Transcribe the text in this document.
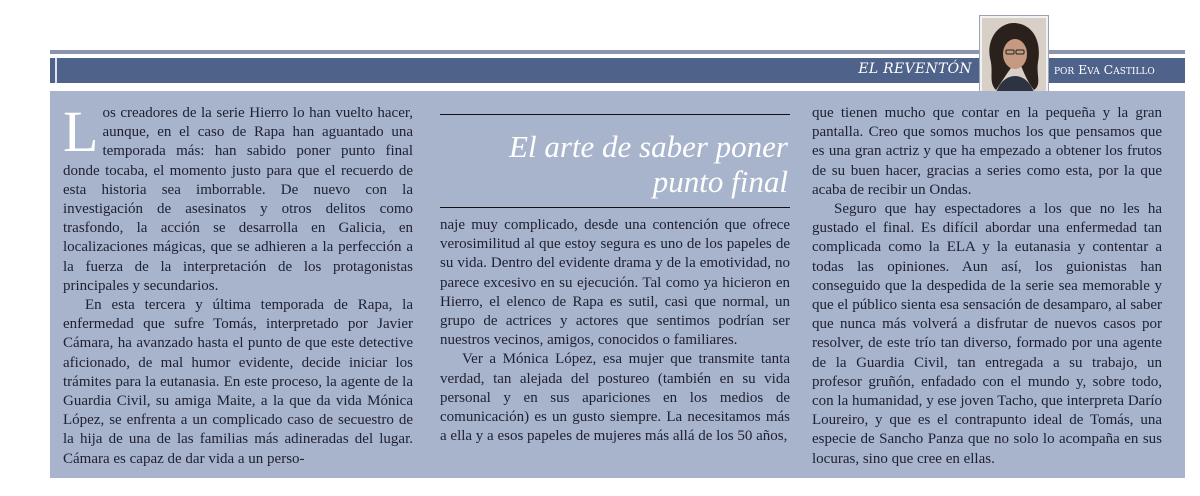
EL REVENTÓN	por Eva Castillo

Los creadores de la serie Hierro lo han vuelto hacer, aunque, en el caso de Rapa han aguantado una temporada más: han sabido poner punto final donde tocaba, el momento justo para que el recuerdo de esta historia sea imborrable. De nuevo con la investigación de asesinatos y otros delitos como trasfondo, la acción se desarrolla en Galicia, en localizaciones mágicas, que se adhieren a la perfección a la fuerza de la interpretación de los protagonistas principales y secundarios.

En esta tercera y última temporada de Rapa, la enfermedad que sufre Tomás, interpretado por Javier Cámara, ha avanzado hasta el punto de que este detective aficionado, de mal humor evidente, decide iniciar los trámites para la eutanasia. En este proceso, la agente de la Guardia Civil, su amiga Maite, a la que da vida Mónica López, se enfrenta a un complicado caso de secuestro de la hija de una de las familias más adineradas del lugar. Cámara es capaz de dar vida a un perso-

El arte de saber poner punto final

naje muy complicado, desde una contención que ofrece verosimilitud al que estoy segura es uno de los papeles de su vida. Dentro del evidente drama y de la emotividad, no parece excesivo en su ejecución. Tal como ya hicieron en Hierro, el elenco de Rapa es sutil, casi que normal, un grupo de actrices y actores que sentimos podrían ser nuestros vecinos, amigos, conocidos o familiares.

Ver a Mónica López, esa mujer que transmite tanta verdad, tan alejada del postureo (también en su vida personal y en sus apariciones en los medios de comunicación) es un gusto siempre. La necesitamos más a ella y a esos papeles de mujeres más allá de los 50 años,

que tienen mucho que contar en la pequeña y la gran pantalla. Creo que somos muchos los que pensamos que es una gran actriz y que ha empezado a obtener los frutos de su buen hacer, gracias a series como esta, por la que acaba de recibir un Ondas.

Seguro que hay espectadores a los que no les ha gustado el final. Es difícil abordar una enfermedad tan complicada como la ELA y la eutanasia y contentar a todas las opiniones. Aun así, los guionistas han conseguido que la despedida de la serie sea memorable y que el público sienta esa sensación de desamparo, al saber que nunca más volverá a disfrutar de nuevos casos por resolver, de este trío tan diverso, formado por una agente de la Guardia Civil, tan entregada a su trabajo, un profesor gruñón, enfadado con el mundo y, sobre todo, con la humanidad, y ese joven Tacho, que interpreta Darío Loureiro, y que es el contrapunto ideal de Tomás, una especie de Sancho Panza que no solo lo acompaña en sus locuras, sino que cree en ellas.
